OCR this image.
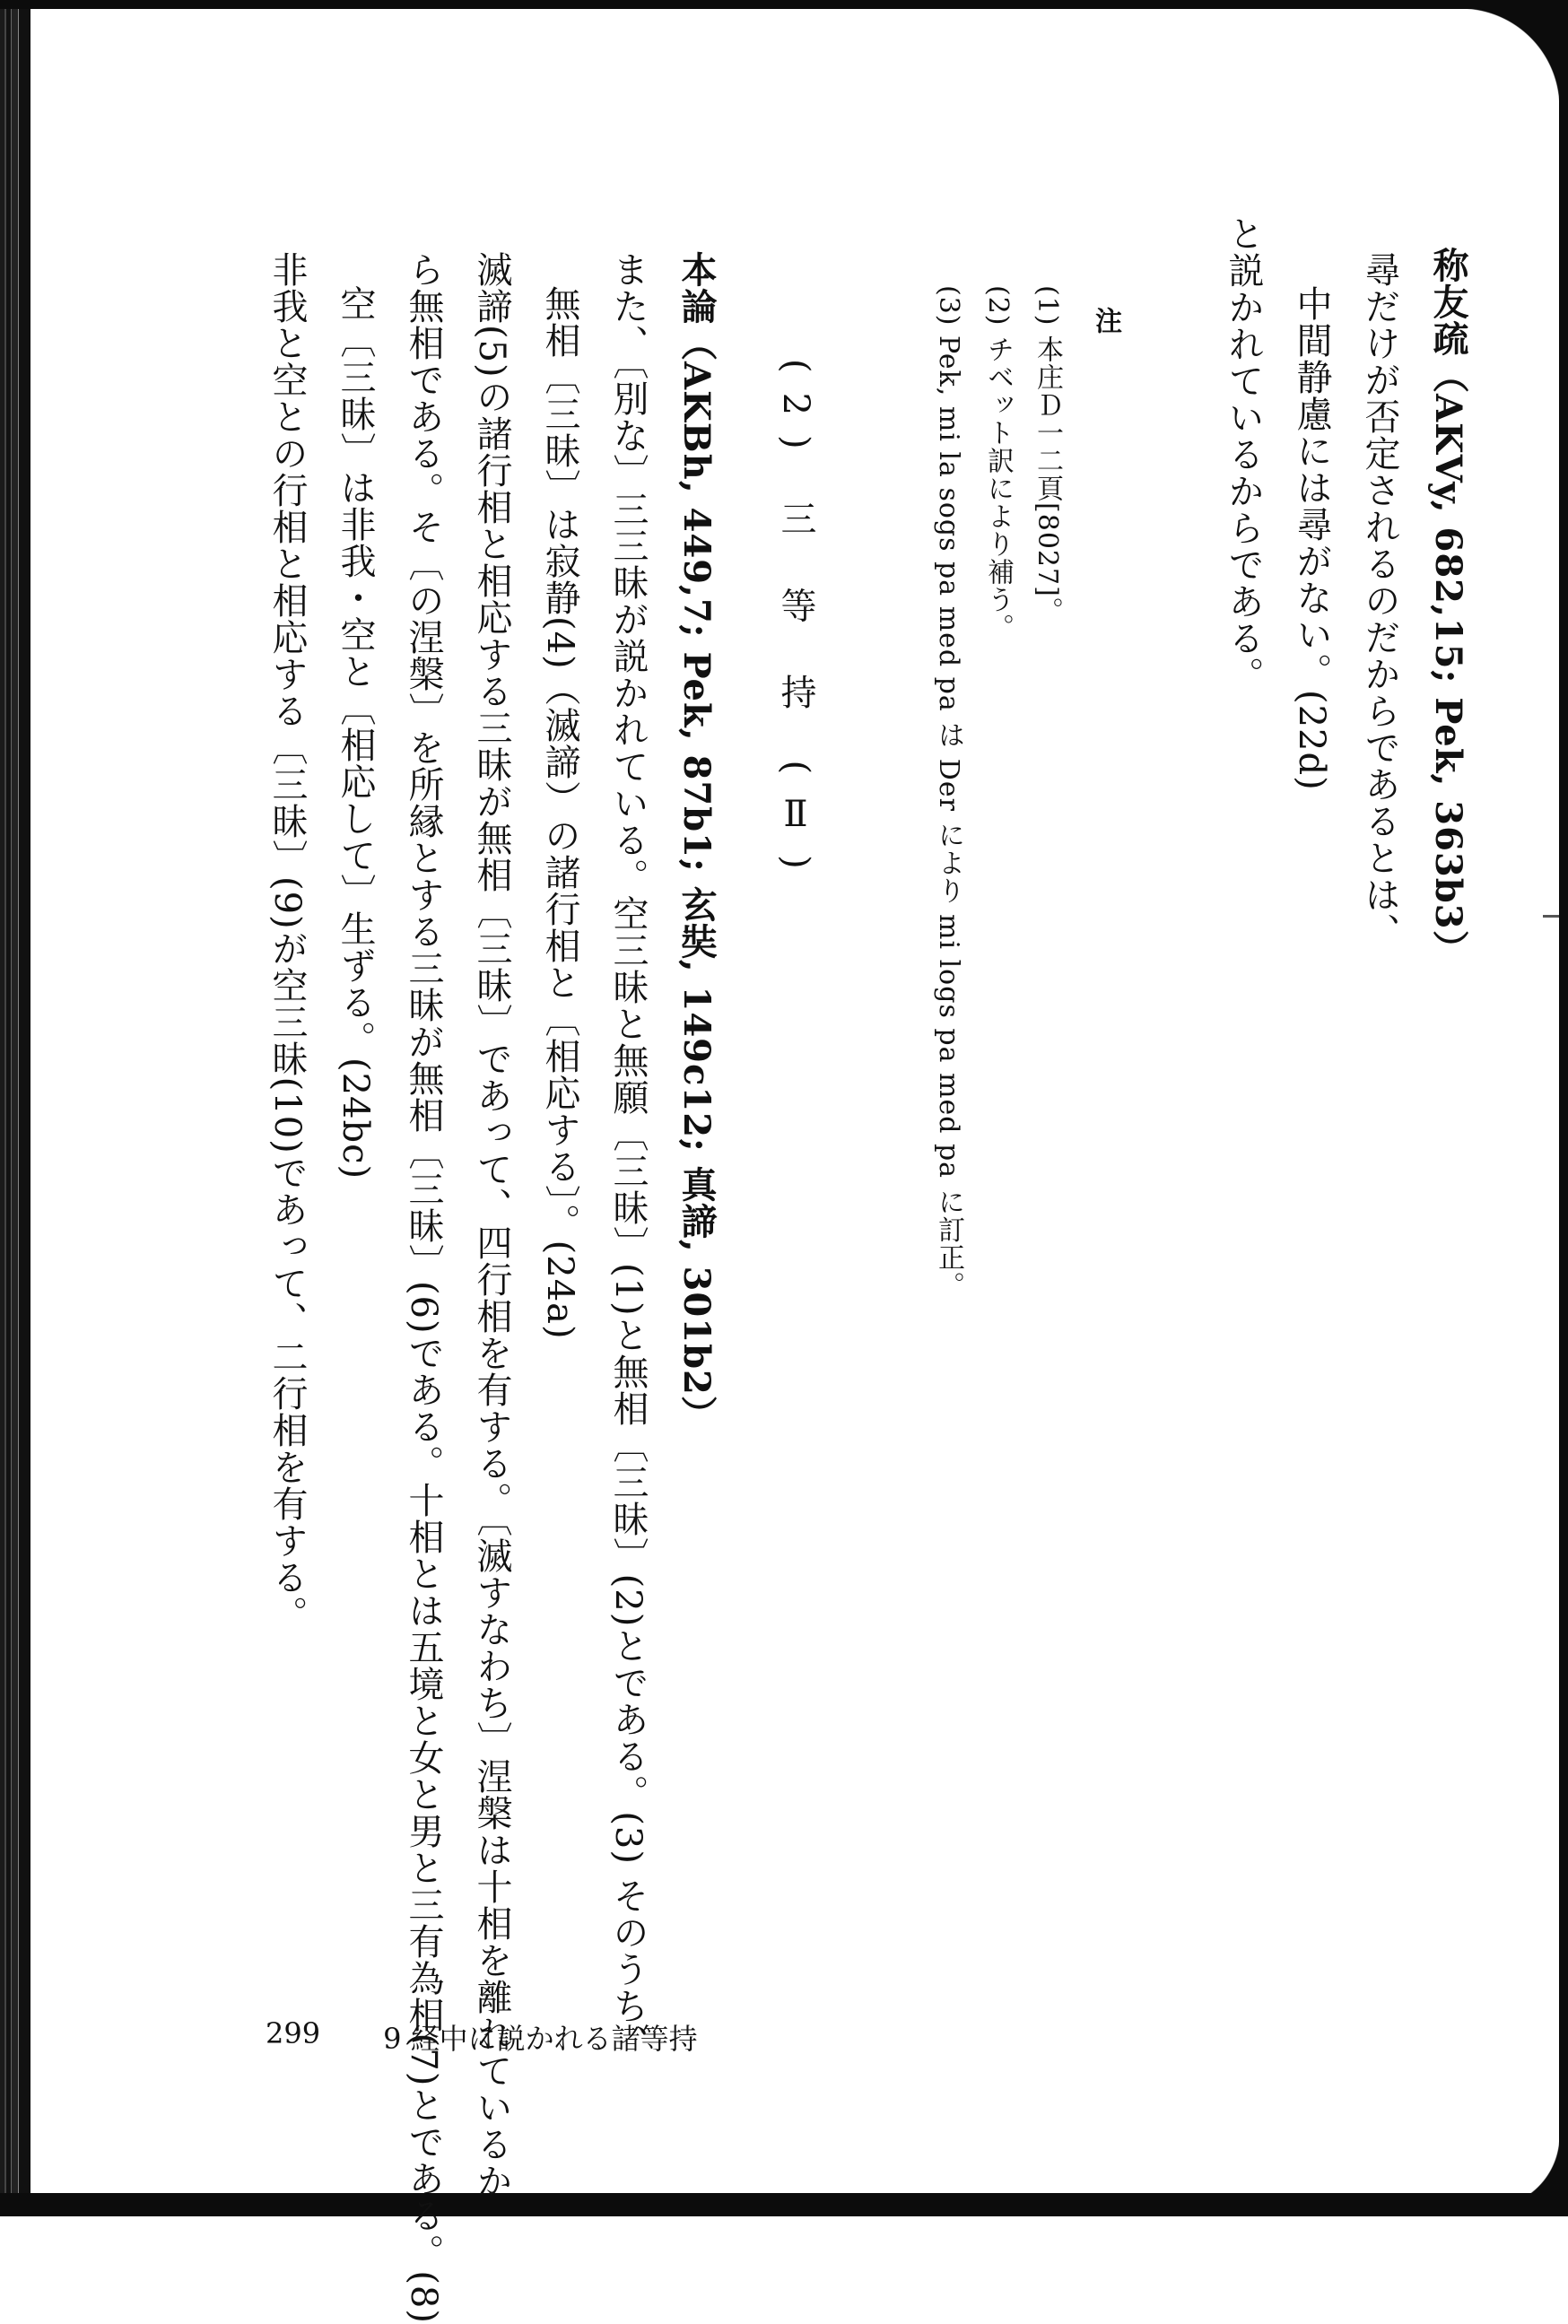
称友疏（AKVy, 682,15; Pek, 363b3）
尋だけが否定されるのだからであるとは、
中間静慮には尋がない。(22d)
と説かれているからである。
注
(1) 本庄Ｄ一二頁[8027]。
(2) チベット訳により補う。
(3) Pek, mi la sogs pa med pa は Der により mi logs pa med pa に訂正。
(2) 三 等 持 (Ⅱ)
本論（AKBh, 449,7; Pek, 87b1; 玄奘, 149c12; 真諦, 301b2）
また、〔別な〕三三昧が説かれている。空三昧と無願〔三昧〕(1)と無相〔三昧〕(2)とである。(3) そのうち、
無相〔三昧〕は寂静(4)（滅諦）の諸行相と〔相応する〕。(24a)
滅諦(5)の諸行相と相応する三昧が無相〔三昧〕であって、四行相を有する。〔滅すなわち〕涅槃は十相を離れているか
ら無相である。そ〔の涅槃〕を所縁とする三昧が無相〔三昧〕(6)である。十相とは五境と女と男と三有為相(7)とである。(8)
空〔三昧〕は非我・空と〔相応して〕生ずる。(24bc)
非我と空との行相と相応する〔三昧〕(9)が空三昧(10)であって、二行相を有する。
299 9 経中に説かれる諸等持
